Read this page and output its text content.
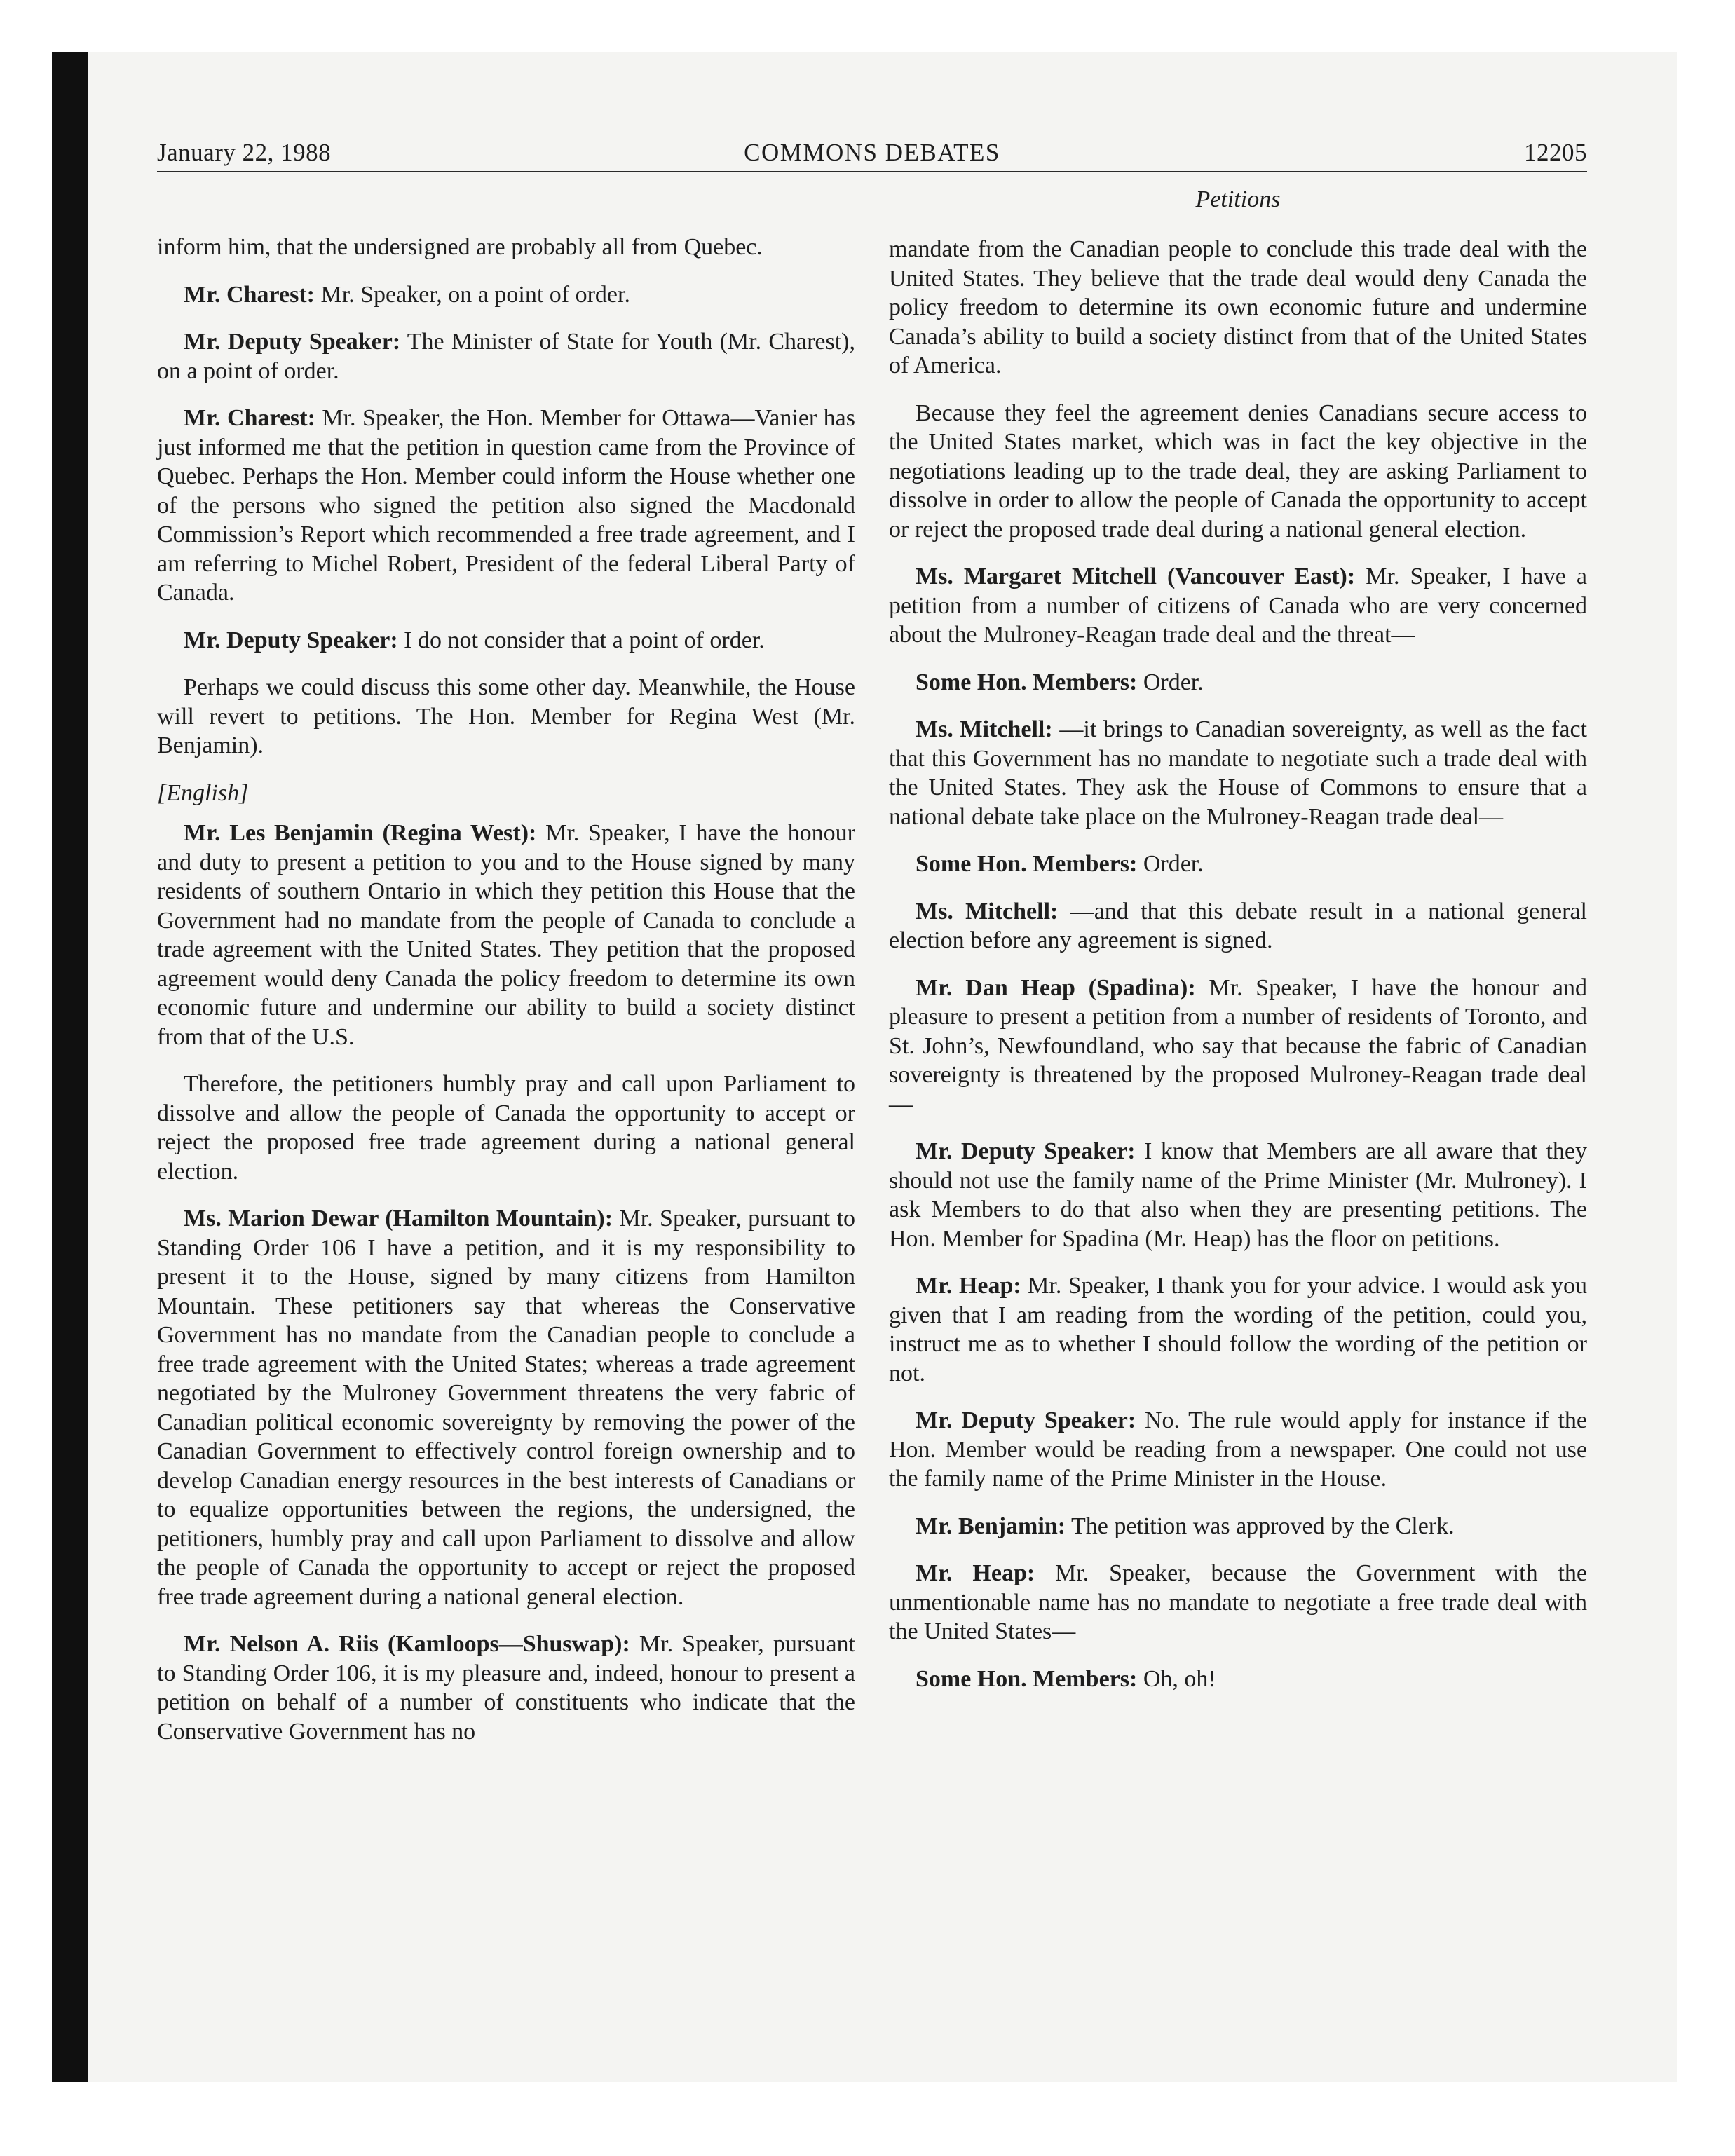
January 22, 1988	COMMONS DEBATES	12205
Petitions

inform him, that the undersigned are probably all from Quebec.

Mr. Charest: Mr. Speaker, on a point of order.

Mr. Deputy Speaker: The Minister of State for Youth (Mr. Charest), on a point of order.

Mr. Charest: Mr. Speaker, the Hon. Member for Ottawa—Vanier has just informed me that the petition in question came from the Province of Quebec. Perhaps the Hon. Member could inform the House whether one of the persons who signed the petition also signed the Macdonald Commission’s Report which recommended a free trade agreement, and I am referring to Michel Robert, President of the federal Liberal Party of Canada.

Mr. Deputy Speaker: I do not consider that a point of order.

Perhaps we could discuss this some other day. Meanwhile, the House will revert to petitions. The Hon. Member for Regina West (Mr. Benjamin).

[English]

Mr. Les Benjamin (Regina West): Mr. Speaker, I have the honour and duty to present a petition to you and to the House signed by many residents of southern Ontario in which they petition this House that the Government had no mandate from the people of Canada to conclude a trade agreement with the United States. They petition that the proposed agreement would deny Canada the policy freedom to determine its own economic future and undermine our ability to build a society distinct from that of the U.S.

Therefore, the petitioners humbly pray and call upon Parliament to dissolve and allow the people of Canada the opportunity to accept or reject the proposed free trade agreement during a national general election.

Ms. Marion Dewar (Hamilton Mountain): Mr. Speaker, pursuant to Standing Order 106 I have a petition, and it is my responsibility to present it to the House, signed by many citizens from Hamilton Mountain. These petitioners say that whereas the Conservative Government has no mandate from the Canadian people to conclude a free trade agreement with the United States; whereas a trade agreement negotiated by the Mulroney Government threatens the very fabric of Canadian political economic sovereignty by removing the power of the Canadian Government to effectively control foreign ownership and to develop Canadian energy resources in the best interests of Canadians or to equalize opportunities between the regions, the undersigned, the petitioners, humbly pray and call upon Parliament to dissolve and allow the people of Canada the opportunity to accept or reject the proposed free trade agreement during a national general election.

Mr. Nelson A. Riis (Kamloops—Shuswap): Mr. Speaker, pursuant to Standing Order 106, it is my pleasure and, indeed, honour to present a petition on behalf of a number of constituents who indicate that the Conservative Government has no

mandate from the Canadian people to conclude this trade deal with the United States. They believe that the trade deal would deny Canada the policy freedom to determine its own economic future and undermine Canada’s ability to build a society distinct from that of the United States of America.

Because they feel the agreement denies Canadians secure access to the United States market, which was in fact the key objective in the negotiations leading up to the trade deal, they are asking Parliament to dissolve in order to allow the people of Canada the opportunity to accept or reject the proposed trade deal during a national general election.

Ms. Margaret Mitchell (Vancouver East): Mr. Speaker, I have a petition from a number of citizens of Canada who are very concerned about the Mulroney-Reagan trade deal and the threat—

Some Hon. Members: Order.

Ms. Mitchell: —it brings to Canadian sovereignty, as well as the fact that this Government has no mandate to negotiate such a trade deal with the United States. They ask the House of Commons to ensure that a national debate take place on the Mulroney-Reagan trade deal—

Some Hon. Members: Order.

Ms. Mitchell: —and that this debate result in a national general election before any agreement is signed.

Mr. Dan Heap (Spadina): Mr. Speaker, I have the honour and pleasure to present a petition from a number of residents of Toronto, and St. John’s, Newfoundland, who say that because the fabric of Canadian sovereignty is threatened by the proposed Mulroney-Reagan trade deal—

Mr. Deputy Speaker: I know that Members are all aware that they should not use the family name of the Prime Minister (Mr. Mulroney). I ask Members to do that also when they are presenting petitions. The Hon. Member for Spadina (Mr. Heap) has the floor on petitions.

Mr. Heap: Mr. Speaker, I thank you for your advice. I would ask you given that I am reading from the wording of the petition, could you, instruct me as to whether I should follow the wording of the petition or not.

Mr. Deputy Speaker: No. The rule would apply for instance if the Hon. Member would be reading from a newspaper. One could not use the family name of the Prime Minister in the House.

Mr. Benjamin: The petition was approved by the Clerk.

Mr. Heap: Mr. Speaker, because the Government with the unmentionable name has no mandate to negotiate a free trade deal with the United States—

Some Hon. Members: Oh, oh!
